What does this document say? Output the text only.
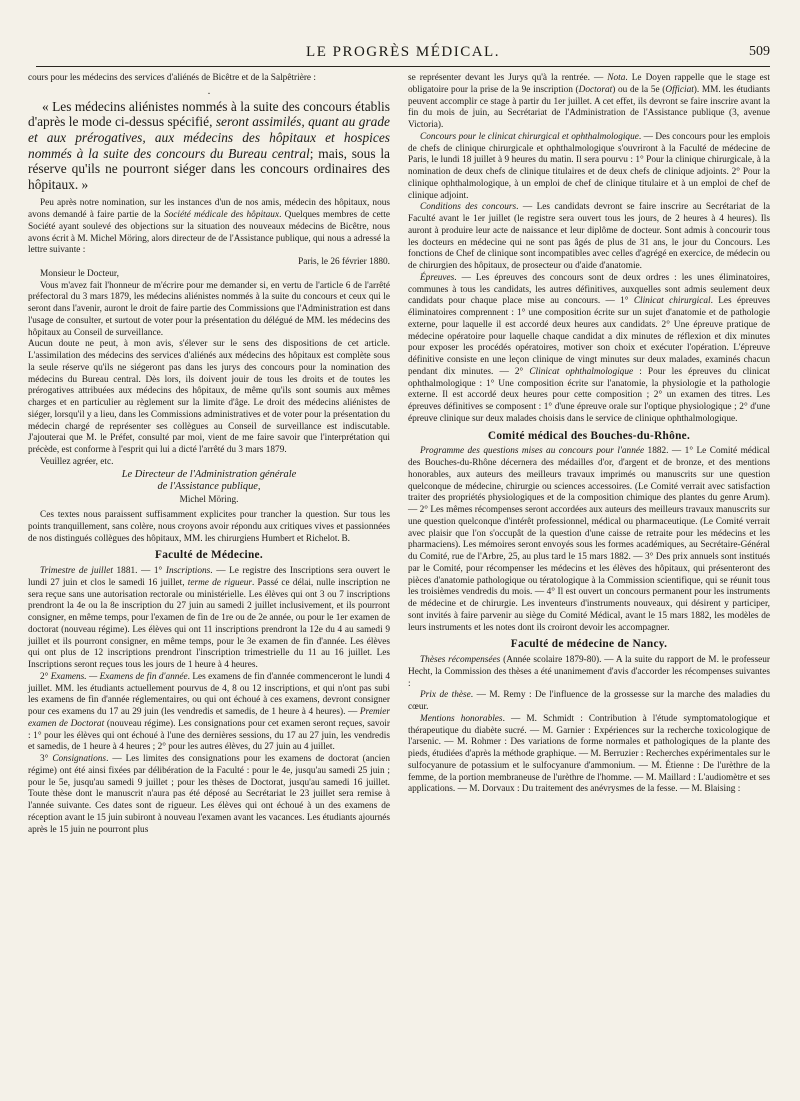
LE PROGRÈS MÉDICAL.	509

cours pour les médecins des services d'aliénés de Bicêtre et de la Salpêtrière :

.

« Les médecins aliénistes nommés à la suite des concours établis d'après le mode ci-dessus spécifié, seront assimilés, quant au grade et aux prérogatives, aux médecins des hôpitaux et hospices nommés à la suite des concours du Bureau central; mais, sous la réserve qu'ils ne pourront siéger dans les concours ordinaires des hôpitaux. »

Peu après notre nomination, sur les instances d'un de nos amis, médecin des hôpitaux, nous avons demandé à faire partie de la Société médicale des hôpitaux. Quelques membres de cette Société ayant soulevé des objections sur la situation des nouveaux médecins de Bicêtre, nous avons écrit à M. Michel Möring, alors directeur de de l'Assistance publique, qui nous a adressé la lettre suivante :

Paris, le 26 février 1880.

Monsieur le Docteur,

Vous m'avez fait l'honneur de m'écrire pour me demander si, en vertu de l'article 6 de l'arrêté préfectoral du 3 mars 1879, les médecins aliénistes nommés à la suite du concours et ceux qui le seront dans l'avenir, auront le droit de faire partie des Commissions que l'Administration est dans l'usage de consulter, et surtout de voter pour la présentation du délégué de MM. les médecins des hôpitaux au Conseil de surveillance.

Aucun doute ne peut, à mon avis, s'élever sur le sens des dispositions de cet article. L'assimilation des médecins des services d'aliénés aux médecins des hôpitaux est complète sous la seule réserve qu'ils ne siégeront pas dans les jurys des concours pour la nomination des médecins du Bureau central. Dès lors, ils doivent jouir de tous les droits et de toutes les prérogatives attribuées aux médecins des hôpitaux, de même qu'ils sont soumis aux mêmes charges et en particulier au règlement sur la limite d'âge. Le droit des médecins aliénistes de siéger, lorsqu'il y a lieu, dans les Commissions administratives et de voter pour la présentation du médecin chargé de représenter ses collègues au Conseil de surveillance est indiscutable. J'ajouterai que M. le Préfet, consulté par moi, vient de me faire savoir que l'interprétation qui précède, est conforme à l'esprit qui lui a dicté l'arrêté du 3 mars 1879.

Veuillez agréer, etc.

Le Directeur de l'Administration générale

de l'Assistance publique,

Michel Möring.

Ces textes nous paraissent suffisamment explicites pour trancher la question. Sur tous les points tranquillement, sans colère, nous croyons avoir répondu aux critiques vives et passionnées de nos distingués collègues des hôpitaux, MM. les chirurgiens Humbert et Richelot. B.

Faculté de Médecine.

Trimestre de juillet 1881. — 1° Inscriptions. — Le registre des Inscriptions sera ouvert le lundi 27 juin et clos le samedi 16 juillet, terme de rigueur. Passé ce délai, nulle inscription ne sera reçue sans une autorisation rectorale ou ministérielle. Les élèves qui ont 3 ou 7 inscriptions prendront la 4e ou la 8e inscription du 27 juin au samedi 2 juillet inclusivement, et ils pourront consigner, en même temps, pour l'examen de fin de 1re ou de 2e année, ou pour le 1er examen de doctorat (nouveau régime). Les élèves qui ont 11 inscriptions prendront la 12e du 4 au samedi 9 juillet et ils pourront consigner, en même temps, pour le 3e examen de fin d'année. Les élèves qui ont plus de 12 inscriptions prendront l'inscription trimestrielle du 11 au 16 juillet. Les Inscriptions seront reçues tous les jours de 1 heure à 4 heures.

2° Examens. — Examens de fin d'année. Les examens de fin d'année commenceront le lundi 4 juillet. MM. les étudiants actuellement pourvus de 4, 8 ou 12 inscriptions, et qui n'ont pas subi les examens de fin d'année réglementaires, ou qui ont échoué à ces examens, devront consigner pour ces examens du 17 au 29 juin (les vendredis et samedis, de 1 heure à 4 heures). — Premier examen de Doctorat (nouveau régime). Les consignations pour cet examen seront reçues, savoir : 1° pour les élèves qui ont échoué à l'une des dernières sessions, du 17 au 27 juin, les vendredis et samedis, de 1 heure à 4 heures ; 2° pour les autres élèves, du 27 juin au 4 juillet.

3° Consignations. — Les limites des consignations pour les examens de doctorat (ancien régime) ont été ainsi fixées par délibération de la Faculté : pour le 4e, jusqu'au samedi 25 juin ; pour le 5e, jusqu'au samedi 9 juillet ; pour les thèses de Doctorat, jusqu'au samedi 16 juillet. Toute thèse dont le manuscrit n'aura pas été déposé au Secrétariat le 23 juillet sera remise à l'année suivante. Ces dates sont de rigueur. Les élèves qui ont échoué à un des examens de réception avant le 15 juin subiront à nouveau l'examen avant les vacances. Les étudiants ajournés après le 15 juin ne pourront plus

se représenter devant les Jurys qu'à la rentrée. — Nota. Le Doyen rappelle que le stage est obligatoire pour la prise de la 9e inscription (Doctorat) ou de la 5e (Officiat). MM. les étudiants peuvent accomplir ce stage à partir du 1er juillet. A cet effet, ils devront se faire inscrire avant la fin du mois de juin, au Secrétariat de l'Administration de l'Assistance publique (3, avenue Victoria).

Concours pour le clinicat chirurgical et ophthalmologique. — Des concours pour les emplois de chefs de clinique chirurgicale et ophthalmologique s'ouvriront à la Faculté de médecine de Paris, le lundi 18 juillet à 9 heures du matin. Il sera pourvu : 1° Pour la clinique chirurgicale, à la nomination de deux chefs de clinique titulaires et de deux chefs de clinique adjoints. 2° Pour la clinique ophthalmologique, à un emploi de chef de clinique titulaire et à un emploi de chef de clinique adjoint.

Conditions des concours. — Les candidats devront se faire inscrire au Secrétariat de la Faculté avant le 1er juillet (le registre sera ouvert tous les jours, de 2 heures à 4 heures). Ils auront à produire leur acte de naissance et leur diplôme de docteur. Sont admis à concourir tous les docteurs en médecine qui ne sont pas âgés de plus de 31 ans, le jour du Concours. Les fonctions de Chef de clinique sont incompatibles avec celles d'agrégé en exercice, de médecin ou de chirurgien des hôpitaux, de prosecteur ou d'aide d'anatomie.

Épreuves. — Les épreuves des concours sont de deux ordres : les unes éliminatoires, communes à tous les candidats, les autres définitives, auxquelles sont admis seulement deux candidats pour chaque place mise au concours. — 1° Clinicat chirurgical. Les épreuves éliminatoires comprennent : 1° une composition écrite sur un sujet d'anatomie et de pathologie externe, pour laquelle il est accordé deux heures aux candidats. 2° Une épreuve pratique de médecine opératoire pour laquelle chaque candidat a dix minutes de réflexion et dix minutes pour exposer les procédés opératoires, motiver son choix et exécuter l'opération. L'épreuve définitive consiste en une leçon clinique de vingt minutes sur deux malades, examinés chacun pendant dix minutes. — 2° Clinicat ophthalmologique : Pour les épreuves du clinicat ophthalmologique : 1° Une composition écrite sur l'anatomie, la physiologie et la pathologie externe. Il est accordé deux heures pour cette composition ; 2° un examen des titres. Les épreuves définitives se composent : 1° d'une épreuve orale sur l'optique physiologique ; 2° d'une épreuve clinique sur deux malades choisis dans le service de clinique ophthalmologique.

Comité médical des Bouches-du-Rhône.

Programme des questions mises au concours pour l'année 1882. — 1° Le Comité médical des Bouches-du-Rhône décernera des médailles d'or, d'argent et de bronze, et des mentions honorables, aux auteurs des meilleurs travaux imprimés ou manuscrits sur une question quelconque de médecine, chirurgie ou sciences accessoires. (Le Comité verrait avec satisfaction traiter des propriétés physiologiques et de la composition chimique des plantes du genre Arum). — 2° Les mêmes récompenses seront accordées aux auteurs des meilleurs travaux manuscrits sur une question quelconque d'intérêt professionnel, médical ou pharmaceutique. (Le Comité verrait avec plaisir que l'on s'occupât de la question d'une caisse de retraite pour les médecins et les pharmaciens). Les mémoires seront envoyés sous les formes académiques, au Secrétaire-Général du Comité, rue de l'Arbre, 25, au plus tard le 15 mars 1882. — 3° Des prix annuels sont institués par le Comité, pour récompenser les médecins et les élèves des hôpitaux, qui présenteront des pièces d'anatomie pathologique ou tératologique à la Commission scientifique, qui se réunit tous les troisièmes vendredis du mois. — 4° Il est ouvert un concours permanent pour les instruments de médecine et de chirurgie. Les inventeurs d'instruments nouveaux, qui désirent y participer, sont invités à faire parvenir au siège du Comité Médical, avant le 15 mars 1882, les modèles de leurs instruments et les notes dont ils croiront devoir les accompagner.

Faculté de médecine de Nancy.

Thèses récompensées (Année scolaire 1879-80). — A la suite du rapport de M. le professeur Hecht, la Commission des thèses a été unanimement d'avis d'accorder les récompenses suivantes :

Prix de thèse. — M. Remy : De l'influence de la grossesse sur la marche des maladies du cœur.

Mentions honorables. — M. Schmidt : Contribution à l'étude symptomatologique et thérapeutique du diabète sucré. — M. Garnier : Expériences sur la recherche toxicologique de l'arsenic. — M. Rohmer : Des variations de forme normales et pathologiques de la plante des pieds, étudiées d'après la méthode graphique. — M. Berruzier : Recherches expérimentales sur le sulfocyanure de potassium et le sulfocyanure d'ammonium. — M. Étienne : De l'urèthre de la femme, de la portion membraneuse de l'urèthre de l'homme. — M. Maillard : L'audiomètre et ses applications. — M. Dorvaux : Du traitement des anévrysmes de la fesse. — M. Blaising :
